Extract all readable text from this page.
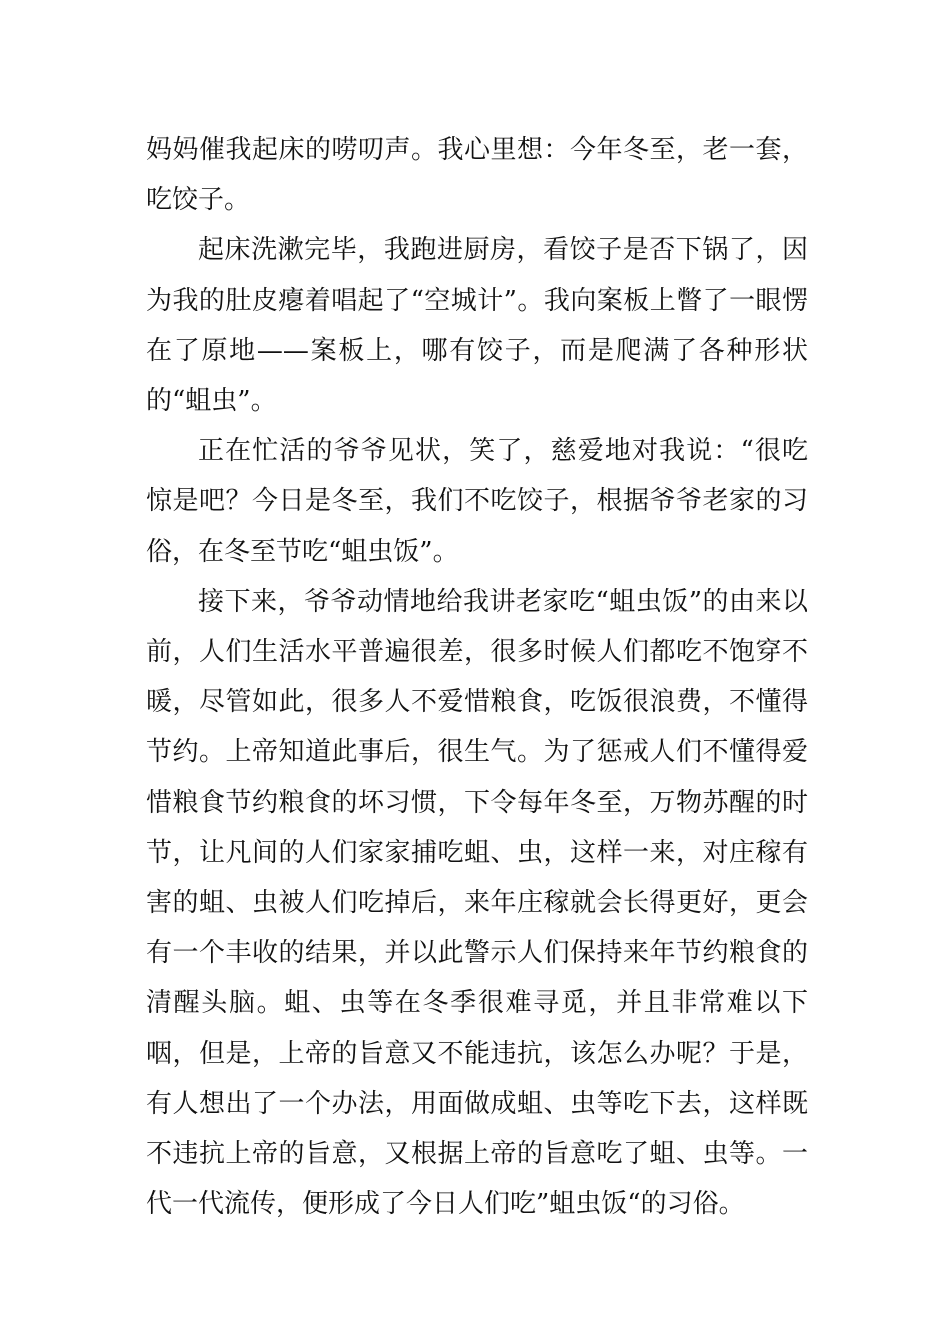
妈妈催我起床的唠叨声。我心里想：今年冬至，老一套，吃饺子。

起床洗漱完毕，我跑进厨房，看饺子是否下锅了，因为我的肚皮瘪着唱起了“空城计”。我向案板上瞥了一眼愣在了原地——案板上，哪有饺子，而是爬满了各种形状的“蛆虫”。

正在忙活的爷爷见状，笑了，慈爱地对我说：“很吃惊是吧？今日是冬至，我们不吃饺子，根据爷爷老家的习俗，在冬至节吃“蛆虫饭”。

接下来，爷爷动情地给我讲老家吃“蛆虫饭”的由来以前，人们生活水平普遍很差，很多时候人们都吃不饱穿不暖，尽管如此，很多人不爱惜粮食，吃饭很浪费，不懂得节约。上帝知道此事后，很生气。为了惩戒人们不懂得爱惜粮食节约粮食的坏习惯，下令每年冬至，万物苏醒的时节，让凡间的人们家家捕吃蛆、虫，这样一来，对庄稼有害的蛆、虫被人们吃掉后，来年庄稼就会长得更好，更会有一个丰收的结果，并以此警示人们保持来年节约粮食的清醒头脑。蛆、虫等在冬季很难寻觅，并且非常难以下咽，但是，上帝的旨意又不能违抗，该怎么办呢？于是，有人想出了一个办法，用面做成蛆、虫等吃下去，这样既不违抗上帝的旨意，又根据上帝的旨意吃了蛆、虫等。一代一代流传，便形成了今日人们吃”蛆虫饭“的习俗。
